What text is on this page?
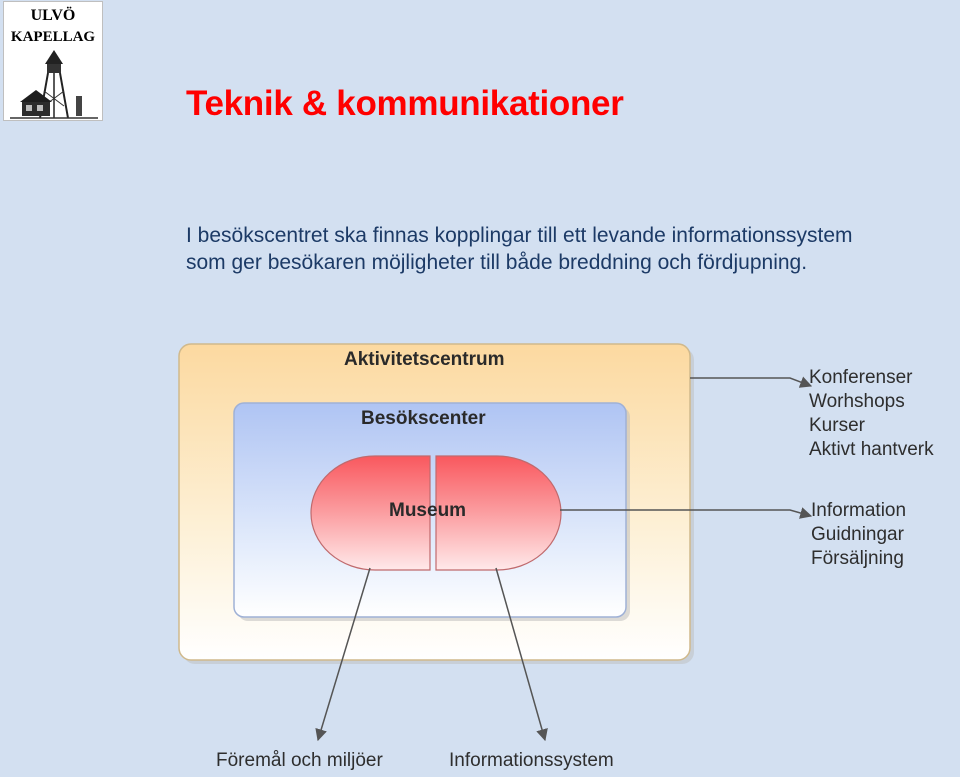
ULVÖ
KAPELLAG
Teknik & kommunikationer
I besökscentret ska finnas kopplingar till ett levande informationssystem
som ger besökaren möjligheter till både breddning och fördjupning.
Aktivitetscentrum
Besökscenter
Museum
Konferenser
Worhshops
Kurser
Aktivt hantverk
Information
Guidningar
Försäljning
Föremål och miljöer	Informationssystem
